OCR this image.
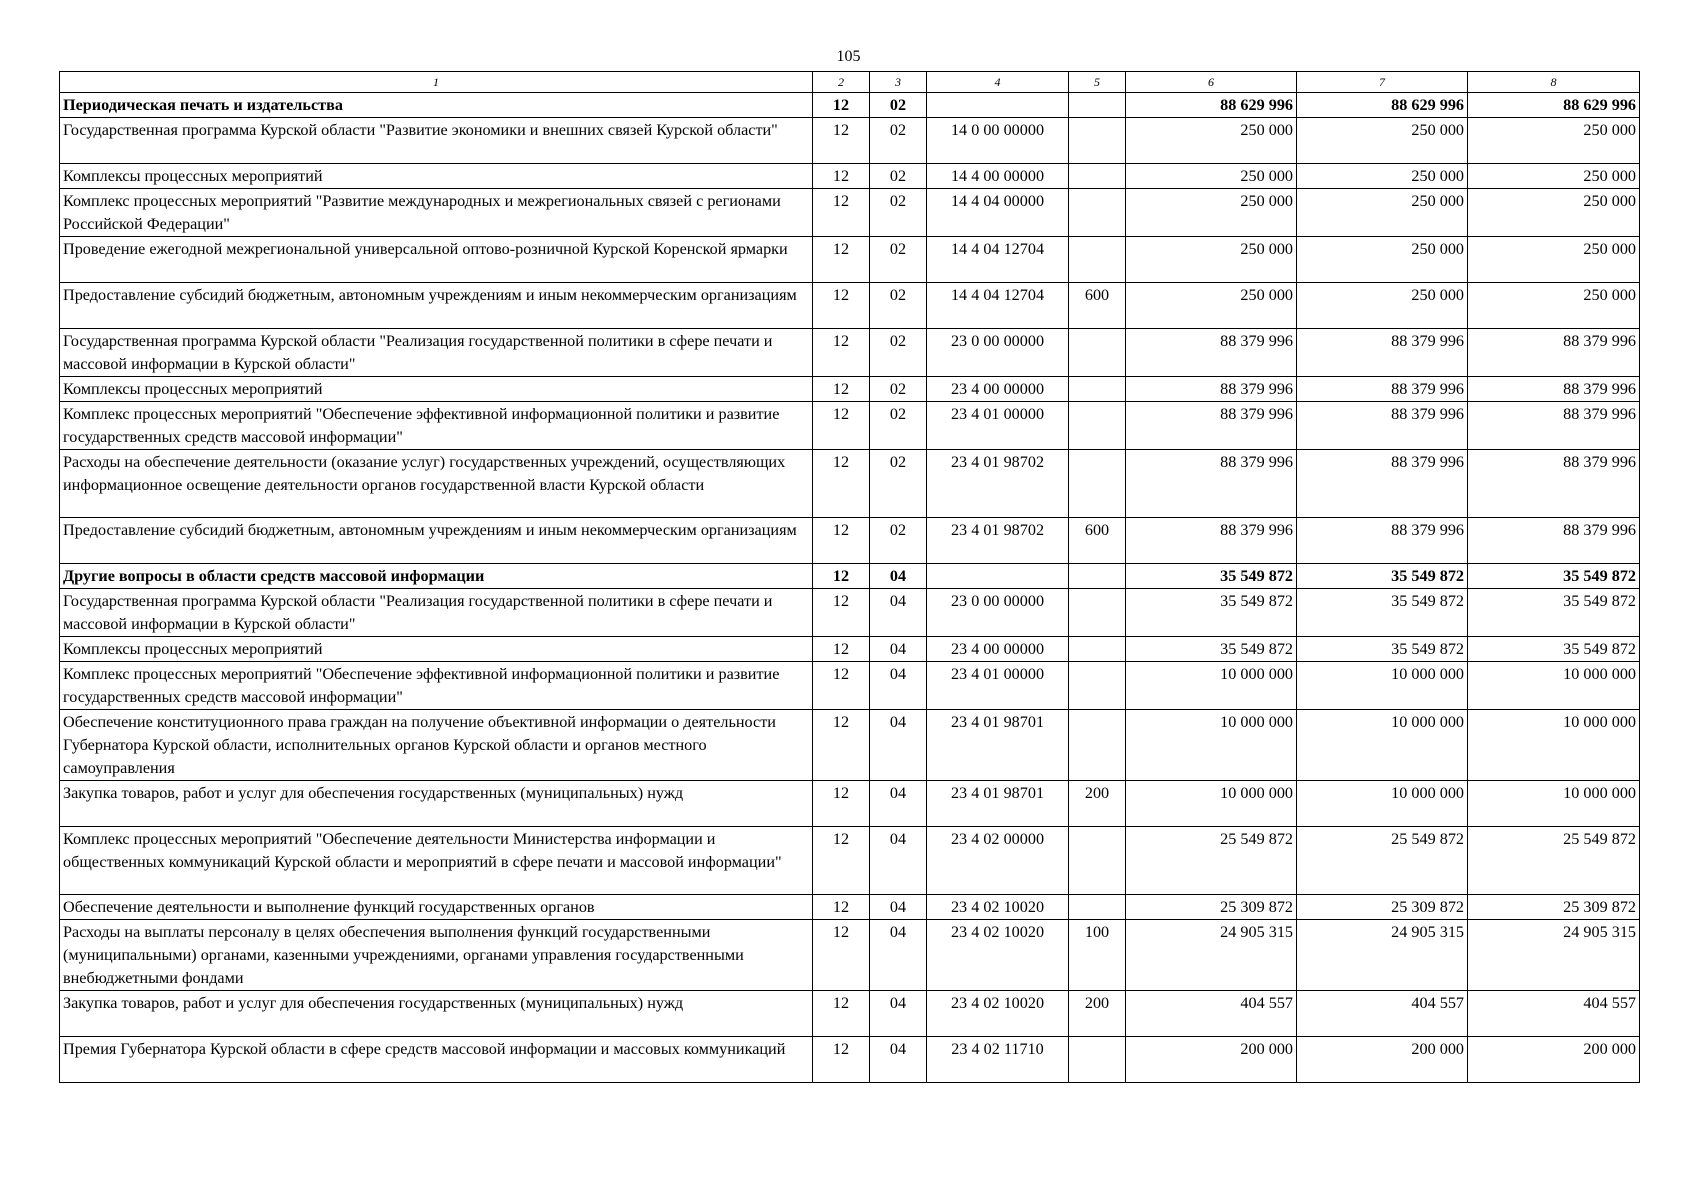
105
1	2	3	4	5	6	7	8
Периодическая печать и издательства	12	02			88 629 996	88 629 996	88 629 996
Государственная программа Курской области "Развитие экономики и внешних связей Курской области"	12	02	14 0 00 00000		250 000	250 000	250 000
Комплексы процессных мероприятий	12	02	14 4 00 00000		250 000	250 000	250 000
Комплекс процессных мероприятий "Развитие международных и межрегиональных связей с регионами Российской Федерации"	12	02	14 4 04 00000		250 000	250 000	250 000
Проведение ежегодной межрегиональной универсальной оптово-розничной Курской Коренской ярмарки	12	02	14 4 04 12704		250 000	250 000	250 000
Предоставление субсидий бюджетным, автономным учреждениям и иным некоммерческим организациям	12	02	14 4 04 12704	600	250 000	250 000	250 000
Государственная программа Курской области "Реализация государственной политики в сфере печати и массовой информации в Курской области"	12	02	23 0 00 00000		88 379 996	88 379 996	88 379 996
Комплексы процессных мероприятий	12	02	23 4 00 00000		88 379 996	88 379 996	88 379 996
Комплекс процессных мероприятий "Обеспечение эффективной информационной политики и развитие государственных средств массовой информации"	12	02	23 4 01 00000		88 379 996	88 379 996	88 379 996
Расходы на обеспечение деятельности (оказание услуг) государственных учреждений, осуществляющих информационное освещение деятельности органов государственной власти Курской области	12	02	23 4 01 98702		88 379 996	88 379 996	88 379 996
Предоставление субсидий бюджетным, автономным учреждениям и иным некоммерческим организациям	12	02	23 4 01 98702	600	88 379 996	88 379 996	88 379 996
Другие вопросы в области средств массовой информации	12	04			35 549 872	35 549 872	35 549 872
Государственная программа Курской области "Реализация государственной политики в сфере печати и массовой информации в Курской области"	12	04	23 0 00 00000		35 549 872	35 549 872	35 549 872
Комплексы процессных мероприятий	12	04	23 4 00 00000		35 549 872	35 549 872	35 549 872
Комплекс процессных мероприятий "Обеспечение эффективной информационной политики и развитие государственных средств массовой информации"	12	04	23 4 01 00000		10 000 000	10 000 000	10 000 000
Обеспечение конституционного права граждан на получение объективной информации о деятельности Губернатора Курской области, исполнительных органов Курской области и органов местного самоуправления	12	04	23 4 01 98701		10 000 000	10 000 000	10 000 000
Закупка товаров, работ и услуг для обеспечения государственных (муниципальных) нужд	12	04	23 4 01 98701	200	10 000 000	10 000 000	10 000 000
Комплекс процессных мероприятий "Обеспечение деятельности Министерства информации и общественных коммуникаций Курской области и мероприятий в сфере печати и массовой информации"	12	04	23 4 02 00000		25 549 872	25 549 872	25 549 872
Обеспечение деятельности и выполнение функций государственных органов	12	04	23 4 02 10020		25 309 872	25 309 872	25 309 872
Расходы на выплаты персоналу в целях обеспечения выполнения функций государственными (муниципальными) органами, казенными учреждениями, органами управления государственными внебюджетными фондами	12	04	23 4 02 10020	100	24 905 315	24 905 315	24 905 315
Закупка товаров, работ и услуг для обеспечения государственных (муниципальных) нужд	12	04	23 4 02 10020	200	404 557	404 557	404 557
Премия Губернатора Курской области в сфере средств массовой информации и массовых коммуникаций	12	04	23 4 02 11710		200 000	200 000	200 000
